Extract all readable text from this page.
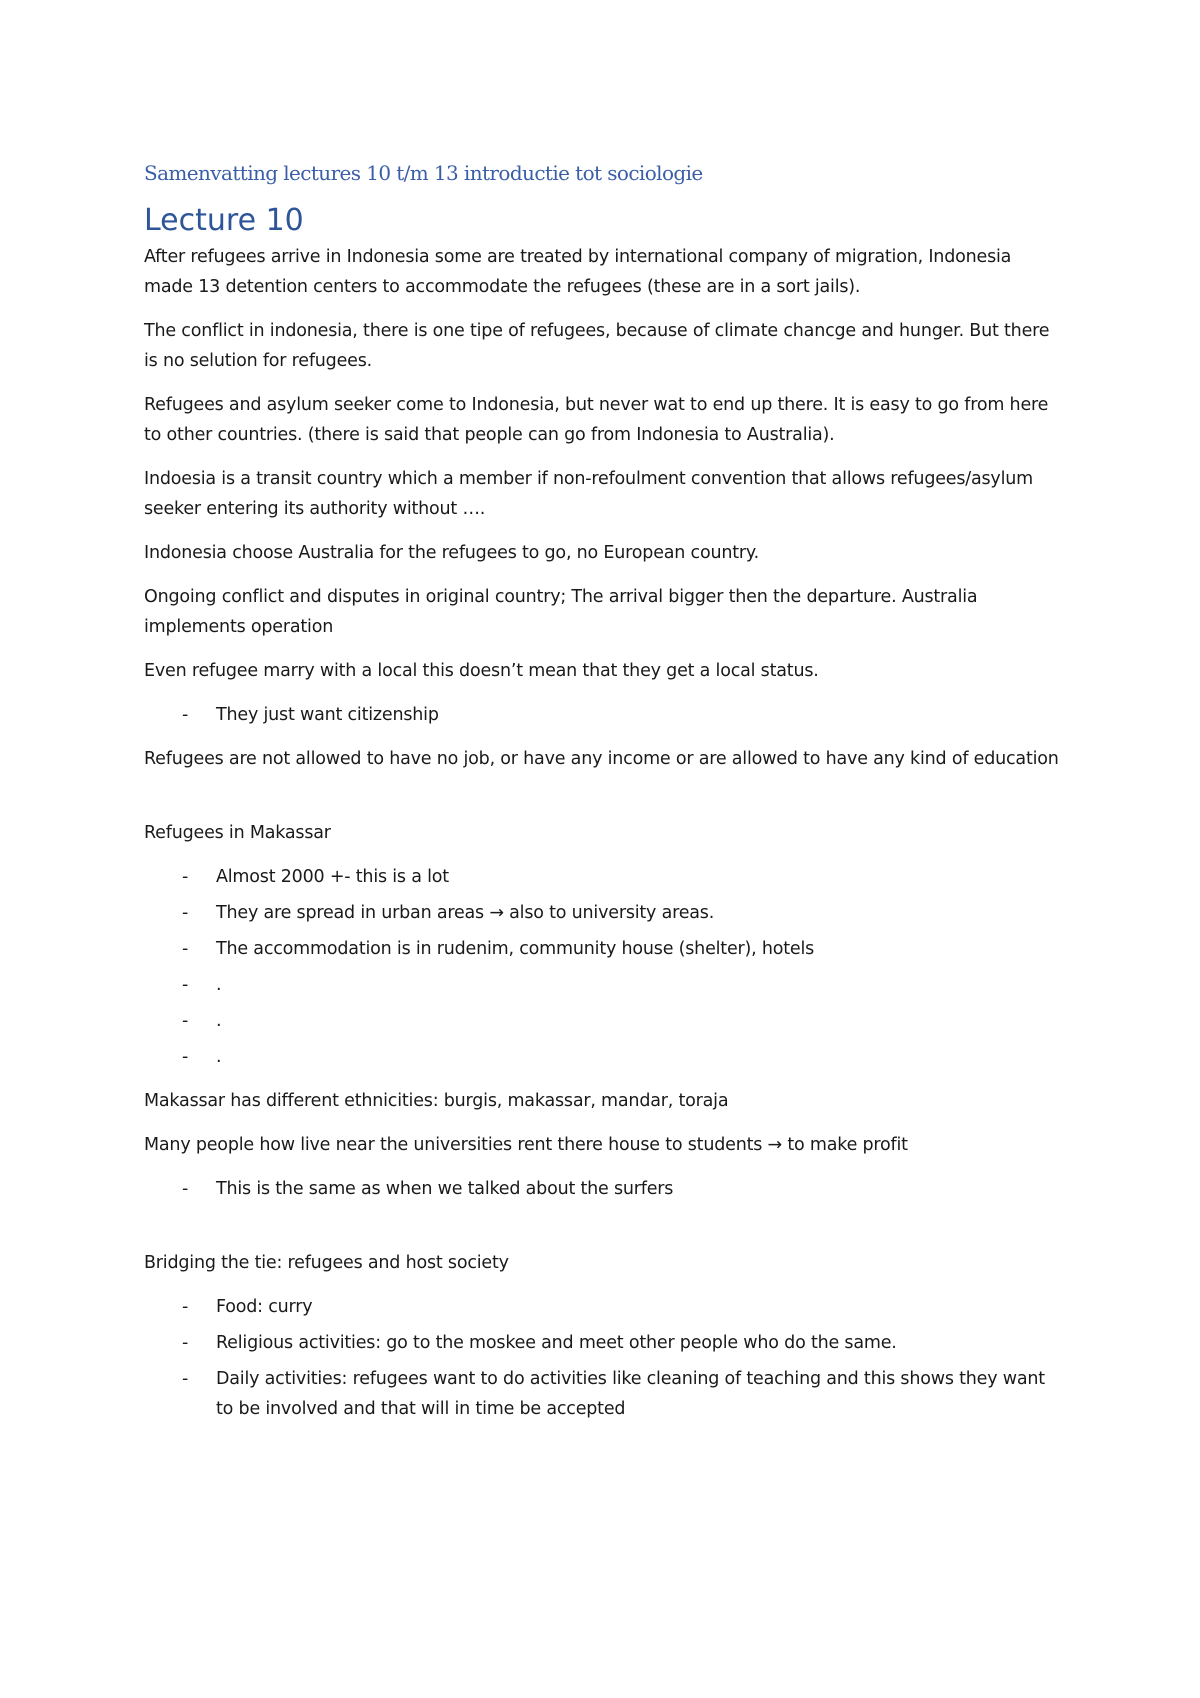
Samenvatting lectures 10 t/m 13 introductie tot sociologie
Lecture 10

After refugees arrive in Indonesia some are treated by international company of migration, Indonesia made 13 detention centers to accommodate the refugees (these are in a sort jails).

The conflict in indonesia, there is one tipe of refugees, because of climate chancge and hunger. But there is no selution for refugees.

Refugees and asylum seeker come to Indonesia, but never wat to end up there. It is easy to go from here to other countries. (there is said that people can go from Indonesia to Australia).

Indoesia is a transit country which a member if non-refoulment convention that allows refugees/asylum seeker entering its authority without ….

Indonesia choose Australia for the refugees to go, no European country.

Ongoing conflict and disputes in original country; The arrival bigger then the departure. Australia implements operation

Even refugee marry with a local this doesn’t mean that they get a local status.

- They just want citizenship

Refugees are not allowed to have no job, or have any income or are allowed to have any kind of education

Refugees in Makassar

- Almost 2000 +- this is a lot
- They are spread in urban areas → also to university areas.
- The accommodation is in rudenim, community house (shelter), hotels
- .
- .
- .

Makassar has different ethnicities: burgis, makassar, mandar, toraja

Many people how live near the universities rent there house to students → to make profit

- This is the same as when we talked about the surfers

Bridging the tie: refugees and host society

- Food: curry
- Religious activities: go to the moskee and meet other people who do the same.
- Daily activities: refugees want to do activities like cleaning of teaching and this shows they want to be involved and that will in time be accepted
